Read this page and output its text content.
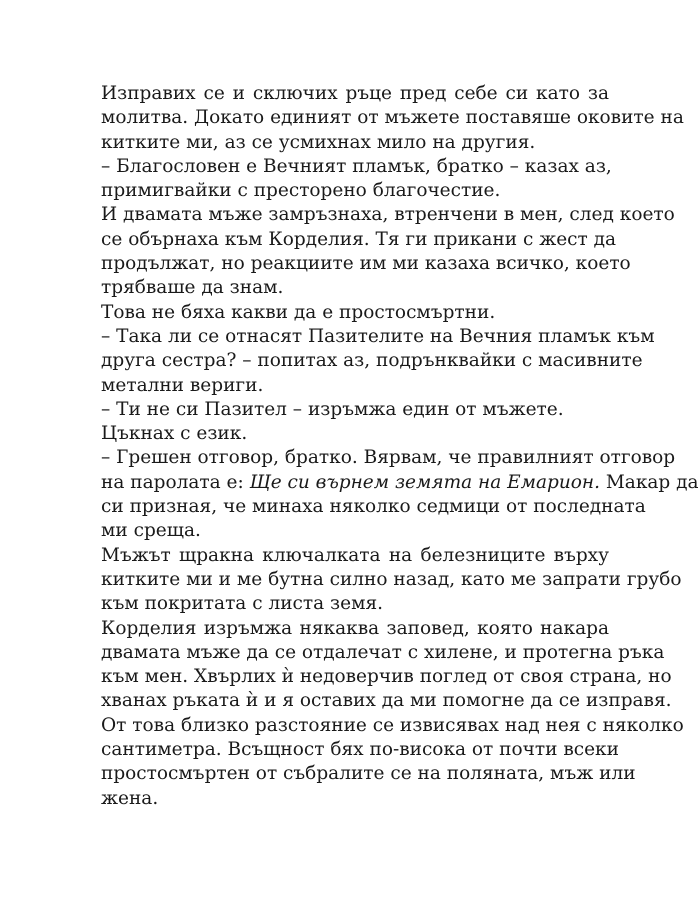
Изправих се и сключих ръце пред себе си като за
молитва. Докато единият от мъжете поставяше оковите на
китките ми, аз се усмихнах мило на другия.
– Благословен е Вечният пламък, братко – казах аз,
примигвайки с престорено благочестие.
И двамата мъже замръзнаха, втренчени в мен, след което
се обърнаха към Корделия. Тя ги прикани с жест да
продължат, но реакциите им ми казаха всичко, което
трябваше да знам.
Това не бяха какви да е простосмъртни.
– Така ли се отнасят Пазителите на Вечния пламък към
друга сестра? – попитах аз, подрънквайки с масивните
метални вериги.
– Ти не си Пазител – изръмжа един от мъжете.
Цъкнах с език.
– Грешен отговор, братко. Вярвам, че правилният отговор
на паролата е: Ще си върнем земята на Емарион. Макар да
си призная, че минаха няколко седмици от последната
ми среща.
Мъжът щракна ключалката на белезниците върху
китките ми и ме бутна силно назад, като ме запрати грубо
към покритата с листа земя.
Корделия изръмжа някаква заповед, която накара
двамата мъже да се отдалечат с хилене, и протегна ръка
към мен. Хвърлих ѝ недоверчив поглед от своя страна, но
хванах ръката ѝ и я оставих да ми помогне да се изправя.
От това близко разстояние се извисявах над нея с няколко
сантиметра. Всъщност бях по-висока от почти всеки
простосмъртен от събралите се на поляната, мъж или
жена.
